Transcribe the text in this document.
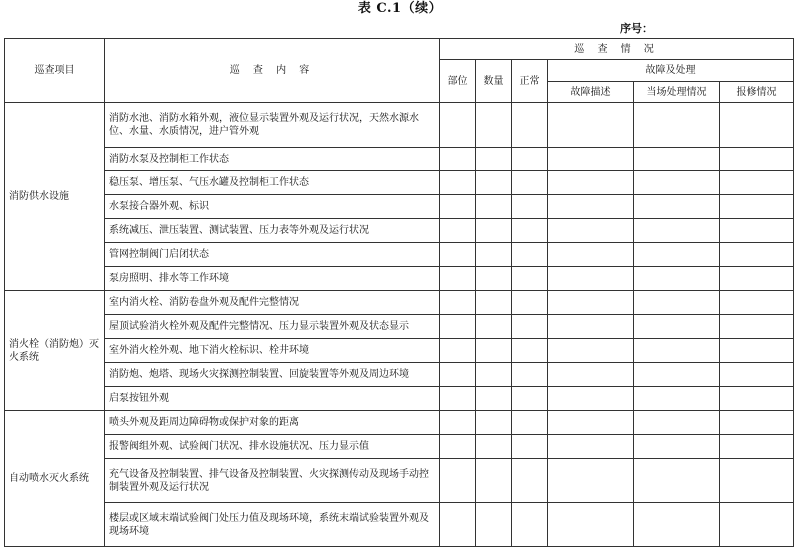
表 C.1（续）
序号：
巡查项目	巡 查 内 容	巡 查 情 况					
		部位	数量	正常	故障及处理		
					故障描述	当场处理情况	报修情况
消防供水设施	消防水池、消防水箱外观，液位显示装置外观及运行状况，天然水源水位、水量、水质情况，进户管外观						
	消防水泵及控制柜工作状态						
	稳压泵、增压泵、气压水罐及控制柜工作状态						
	水泵接合器外观、标识						
	系统减压、泄压装置、测试装置、压力表等外观及运行状况						
	管网控制阀门启闭状态						
	泵房照明、排水等工作环境						
消火栓（消防炮）灭火系统	室内消火栓、消防卷盘外观及配件完整情况						
	屋顶试验消火栓外观及配件完整情况、压力显示装置外观及状态显示						
	室外消火栓外观、地下消火栓标识、栓井环境						
	消防炮、炮塔、现场火灾探测控制装置、回旋装置等外观及周边环境						
	启泵按钮外观						
自动喷水灭火系统	喷头外观及距周边障碍物或保护对象的距离						
	报警阀组外观、试验阀门状况、排水设施状况、压力显示值						
	充气设备及控制装置、排气设备及控制装置、火灾探测传动及现场手动控制装置外观及运行状况						
	楼层或区域末端试验阀门处压力值及现场环境，系统末端试验装置外观及现场环境						
